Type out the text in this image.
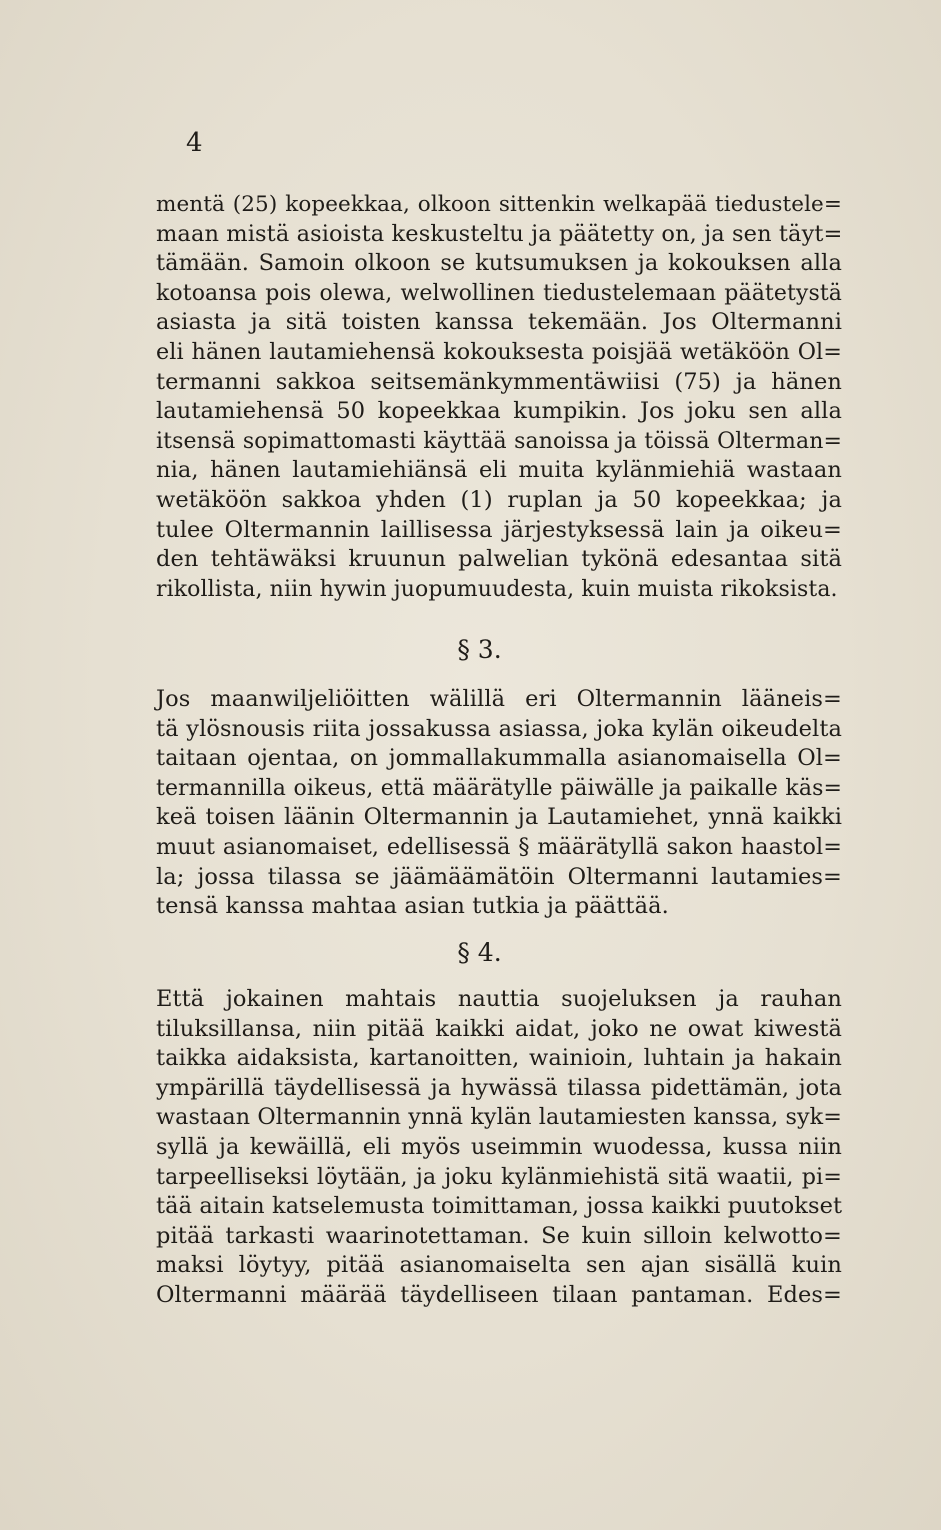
4
mentä (25) kopeekkaa, olkoon sittenkin welkapää tiedustele=
maan mistä asioista keskusteltu ja päätetty on, ja sen täyt=
tämään. Samoin olkoon se kutsumuksen ja kokouksen alla
kotoansa pois olewa, welwollinen tiedustelemaan päätetystä
asiasta ja sitä toisten kanssa tekemään. Jos Oltermanni
eli hänen lautamiehensä kokouksesta poisjää wetäköön Ol=
termanni sakkoa seitsemänkymmentäwiisi (75) ja hänen
lautamiehensä 50 kopeekkaa kumpikin. Jos joku sen alla
itsensä sopimattomasti käyttää sanoissa ja töissä Olterman=
nia, hänen lautamiehiänsä eli muita kylänmiehiä wastaan
wetäköön sakkoa yhden (1) ruplan ja 50 kopeekkaa; ja
tulee Oltermannin laillisessa järjestyksessä lain ja oikeu=
den tehtäwäksi kruunun palwelian tykönä edesantaa sitä
rikollista, niin hywin juopumuudesta, kuin muista rikoksista.
§ 3.
Jos maanwiljeliöitten wälillä eri Oltermannin lääneis=
tä ylösnousis riita jossakussa asiassa, joka kylän oikeudelta
taitaan ojentaa, on jommallakummalla asianomaisella Ol=
termannilla oikeus, että määrätylle päiwälle ja paikalle käs=
keä toisen läänin Oltermannin ja Lautamiehet, ynnä kaikki
muut asianomaiset, edellisessä § määrätyllä sakon haastol=
la; jossa tilassa se jäämäämätöin Oltermanni lautamies=
tensä kanssa mahtaa asian tutkia ja päättää.
§ 4.
Että jokainen mahtais nauttia suojeluksen ja rauhan
tiluksillansa, niin pitää kaikki aidat, joko ne owat kiwestä
taikka aidaksista, kartanoitten, wainioin, luhtain ja hakain
ympärillä täydellisessä ja hywässä tilassa pidettämän, jota
wastaan Oltermannin ynnä kylän lautamiesten kanssa, syk=
syllä ja kewäillä, eli myös useimmin wuodessa, kussa niin
tarpeelliseksi löytään, ja joku kylänmiehistä sitä waatii, pi=
tää aitain katselemusta toimittaman, jossa kaikki puutokset
pitää tarkasti waarinotettaman. Se kuin silloin kelwotto=
maksi löytyy, pitää asianomaiselta sen ajan sisällä kuin
Oltermanni määrää täydelliseen tilaan pantaman. Edes=
